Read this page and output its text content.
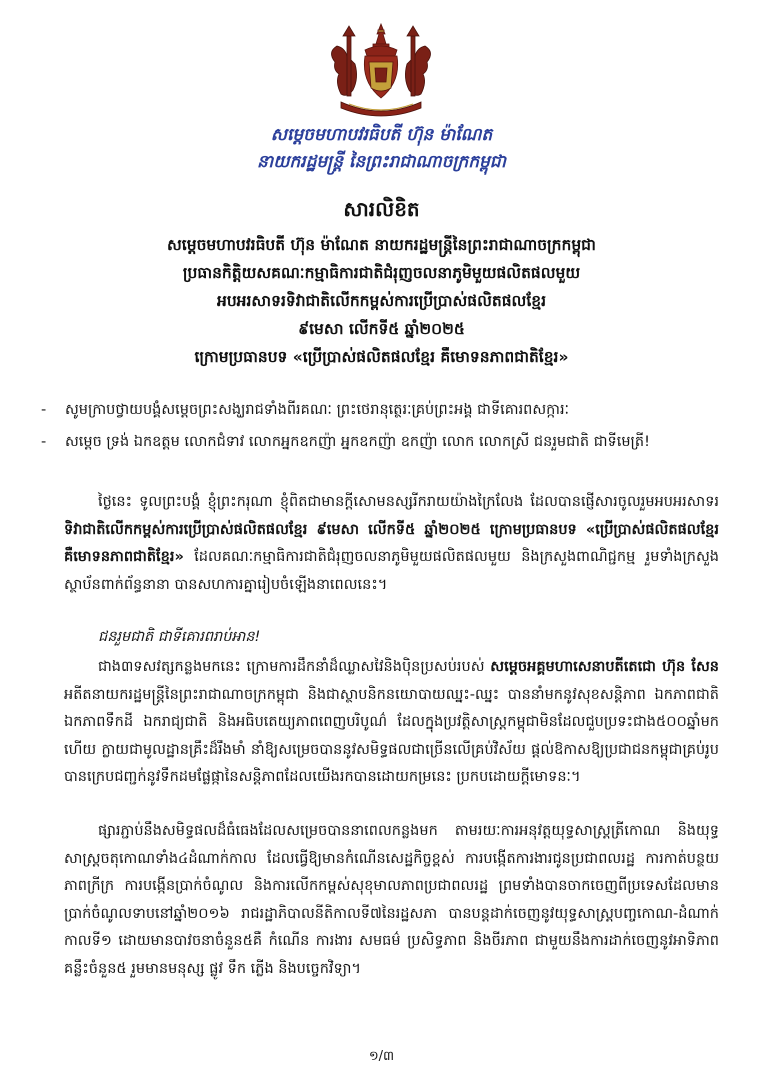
សម្តេចមហាបវរធិបតី ហ៊ុន ម៉ាណែត
នាយករដ្ឋមន្ត្រី នៃព្រះរាជាណាចក្រកម្ពុជា
សារលិខិត
សម្តេចមហាបវរធិបតី ហ៊ុន ម៉ាណែត នាយករដ្ឋមន្ត្រីនៃព្រះរាជាណាចក្រកម្ពុជា
ប្រធានកិត្តិយសគណៈកម្មាធិការជាតិជំរុញចលនាភូមិមួយផលិតផលមួយ
អបអរសាទរទិវាជាតិលើកកម្ពស់ការប្រើប្រាស់ផលិតផលខ្មែរ
៩មេសា លើកទី៥ ឆ្នាំ២០២៥
ក្រោមប្រធានបទ «ប្រើប្រាស់ផលិតផលខ្មែរ គឺមោទនភាពជាតិខ្មែរ»
- សូមក្រាបថ្វាយបង្គំសម្តេចព្រះសង្ឃរាជទាំងពីរគណៈ ព្រះថេរានុត្ថេរៈគ្រប់ព្រះអង្គ ជាទីគោរពសក្ការៈ
- សម្តេច ទ្រង់ ឯកឧត្តម លោកជំទាវ លោកអ្នកឧកញ៉ា អ្នកឧកញ៉ា ឧកញ៉ា លោក លោកស្រី ជនរួមជាតិ ជាទីមេត្រី!
ថ្ងៃនេះ ទូលព្រះបង្គំ ខ្ញុំព្រះករុណា ខ្ញុំពិតជាមានក្តីសោមនស្សរីករាយយ៉ាងក្រៃលែង ដែលបានផ្ញើសារចូលរួមអបអរសាទរ ទិវាជាតិលើកកម្ពស់ការប្រើប្រាស់ផលិតផលខ្មែរ ៩មេសា លើកទី៥ ឆ្នាំ២០២៥ ក្រោមប្រធានបទ «ប្រើប្រាស់ផលិតផលខ្មែរ គឺមោទនភាពជាតិខ្មែរ» ដែលគណៈកម្មាធិការជាតិជំរុញចលនាភូមិមួយផលិតផលមួយ និងក្រសួងពាណិជ្ជកម្ម រួមទាំងក្រសួង ស្ថាប័នពាក់ព័ន្ធនានា បានសហការគ្នារៀបចំឡើងនាពេលនេះ។
ជនរួមជាតិ ជាទីគោរពរាប់អាន!
ជាង៣ទសវត្សកន្លងមកនេះ ក្រោមការដឹកនាំដ៏ឈ្លាសវៃនិងប៉ិនប្រសប់របស់ សម្តេចអគ្គមហាសេនាបតីតេជោ ហ៊ុន សែន អតីតនាយករដ្ឋមន្ត្រីនៃព្រះរាជាណាចក្រកម្ពុជា និងជាស្ថាបនិកនយោបាយឈ្នះ-ឈ្នះ បាននាំមកនូវសុខសន្តិភាព ឯកភាពជាតិ ឯកភាពទឹកដី ឯករាជ្យជាតិ និងអធិបតេយ្យភាពពេញបរិបូណ៌ ដែលក្នុងប្រវត្តិសាស្ត្រកម្ពុជាមិនដែលជួបប្រទះជាង៥០០ឆ្នាំមកហើយ ក្លាយជាមូលដ្ឋានគ្រឹះដ៏រឹងមាំ នាំឱ្យសម្រេចបាននូវសមិទ្ធផលជាច្រើនលើគ្រប់វិស័យ ផ្តល់ឱកាសឱ្យប្រជាជនកម្ពុជាគ្រប់រូបបានក្រេបជញ្ជក់នូវទឹកដមផ្លែផ្កានៃសន្តិភាពដែលយើងរកបានដោយកម្រនេះ ប្រកបដោយក្តីមោទនៈ។
ផ្សារភ្ជាប់នឹងសមិទ្ធផលដ៏ធំធេងដែលសម្រេចបាននាពេលកន្លងមក តាមរយៈការអនុវត្តយុទ្ធសាស្ត្រត្រីកោណ និងយុទ្ធសាស្ត្រចតុកោណទាំង៤ដំណាក់កាល ដែលធ្វើឱ្យមានកំណើនសេដ្ឋកិច្ចខ្ពស់ ការបង្កើតការងារជូនប្រជាពលរដ្ឋ ការកាត់បន្ថយភាពក្រីក្រ ការបង្កើនប្រាក់ចំណូល និងការលើកកម្ពស់សុខុមាលភាពប្រជាពលរដ្ឋ ព្រមទាំងបានចាកចេញពីប្រទេសដែលមានប្រាក់ចំណូលទាបនៅឆ្នាំ២០១៦ រាជរដ្ឋាភិបាលនីតិកាលទី៧នៃរដ្ឋសភា បានបន្តដាក់ចេញនូវយុទ្ធសាស្ត្របញ្ចកោណ-ដំណាក់កាលទី១ ដោយមានបាវចនាចំនួន៥គឺ កំណើន ការងារ សមធម៌ ប្រសិទ្ធភាព និងចីរភាព ជាមួយនឹងការដាក់ចេញនូវអាទិភាពគន្លឹះចំនួន៥ រួមមានមនុស្ស ផ្លូវ ទឹក ភ្លើង និងបច្ចេកវិទ្យា។
១/៣
